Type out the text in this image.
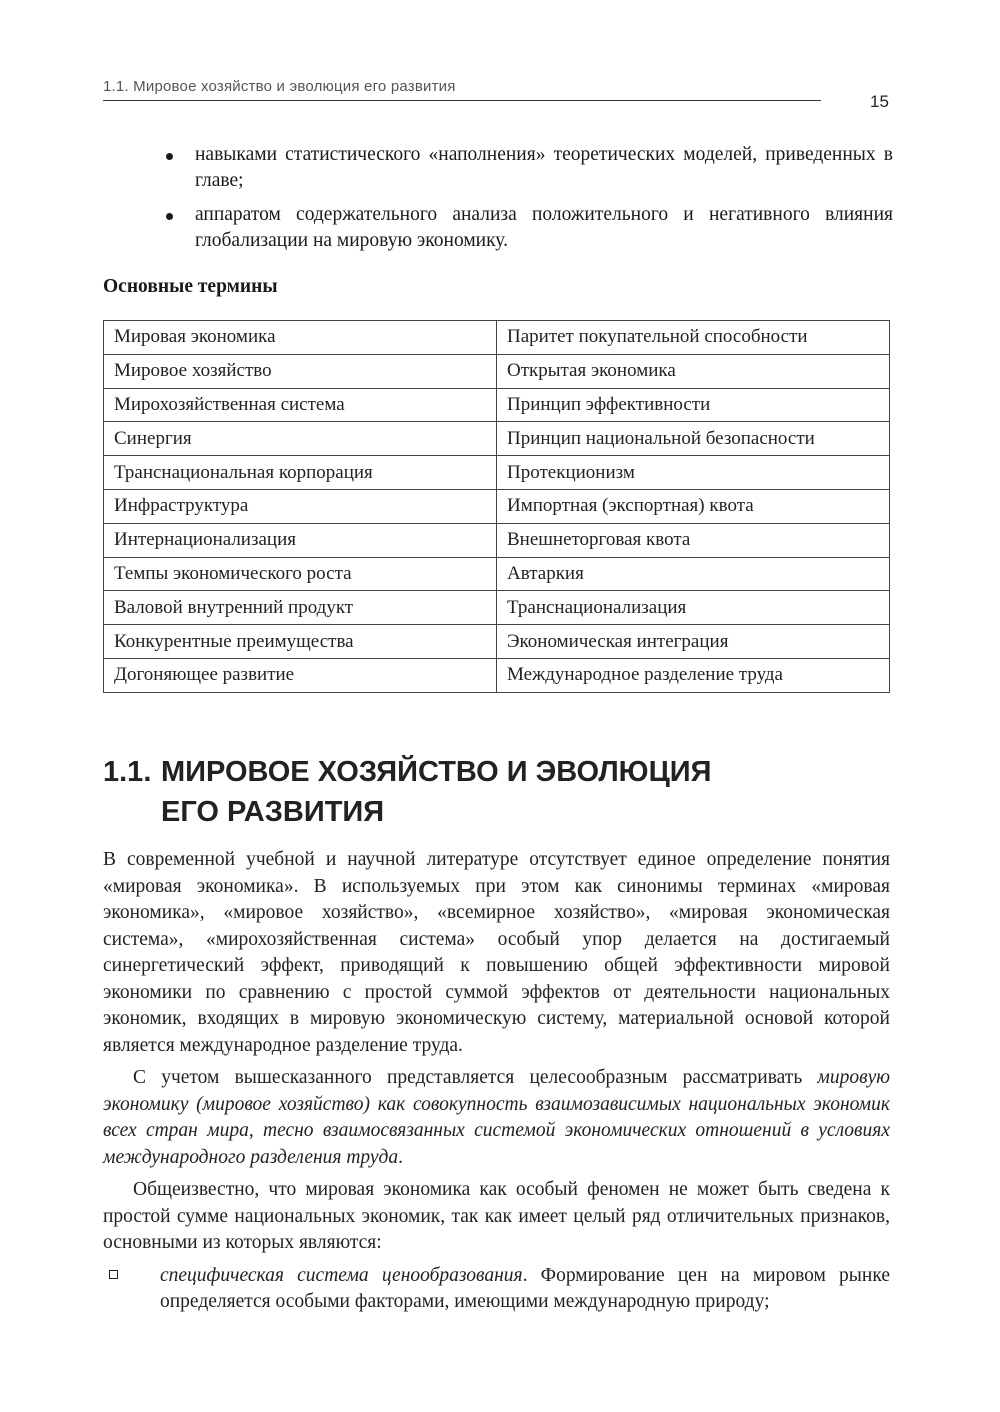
1.1. Мировое хозяйство и эволюция его развития
15
навыками статистического «наполнения» теоретических моделей, приведенных в главе;
аппаратом содержательного анализа положительного и негативного влияния глобализации на мировую экономику.
Основные термины
Мировая экономика	Паритет покупательной способности
Мировое хозяйство	Открытая экономика
Мирохозяйственная система	Принцип эффективности
Синергия	Принцип национальной безопасности
Транснациональная корпорация	Протекционизм
Инфраструктура	Импортная (экспортная) квота
Интернационализация	Внешнеторговая квота
Темпы экономического роста	Автаркия
Валовой внутренний продукт	Транснационализация
Конкурентные преимущества	Экономическая интеграция
Догоняющее развитие	Международное разделение труда
1.1. МИРОВОЕ ХОЗЯЙСТВО И ЭВОЛЮЦИЯ
ЕГО РАЗВИТИЯ

В современной учебной и научной литературе отсутствует единое определение понятия «мировая экономика». В используемых при этом как синонимы терминах «мировая экономика», «мировое хозяйство», «всемирное хозяйство», «мировая экономическая система», «мирохозяйственная система» особый упор делается на достигаемый синергетический эффект, приводящий к повышению общей эффективности мировой экономики по сравнению с простой суммой эффектов от деятельности национальных экономик, входящих в мировую экономическую систему, материальной основой которой является международное разделение труда.

С учетом вышесказанного представляется целесообразным рассматривать мировую экономику (мировое хозяйство) как совокупность взаимозависимых национальных экономик всех стран мира, тесно взаимосвязанных системой экономических отношений в условиях международного разделения труда.

Общеизвестно, что мировая экономика как особый феномен не может быть сведена к простой сумме национальных экономик, так как имеет целый ряд отличительных признаков, основными из которых являются:

специфическая система ценообразования. Формирование цен на мировом рынке определяется особыми факторами, имеющими международную природу;
